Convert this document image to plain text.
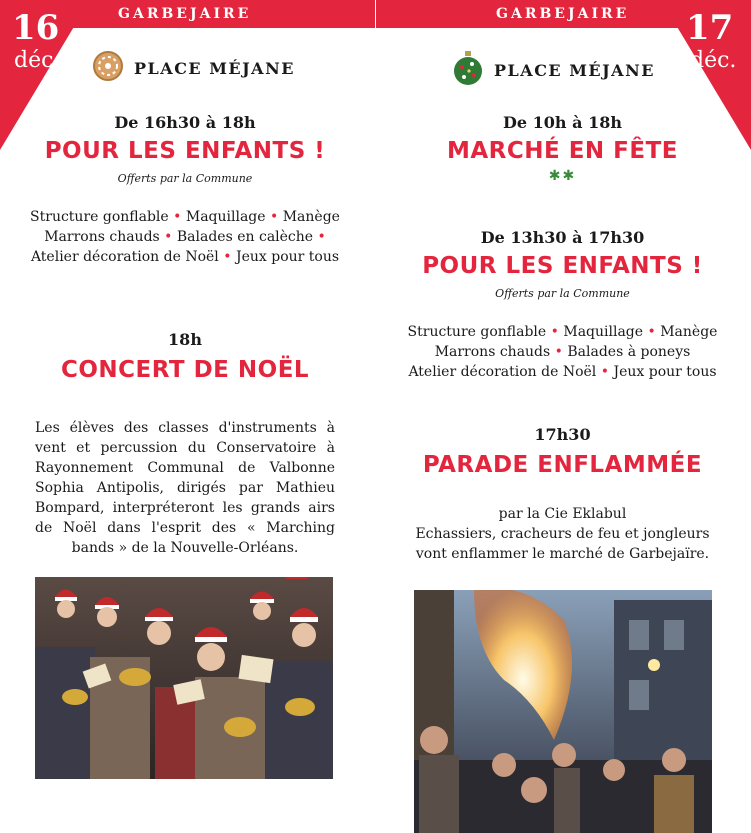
GARBEJAIRE	GARBEJAIRE
16
déc.
17
déc.
PLACE MÉJANE	PLACE MÉJANE
De 16h30 à 18h
POUR LES ENFANTS !
Offerts par la Commune
Structure gonflable • Maquillage • Manège
Marrons chauds • Balades en calèche •
Atelier décoration de Noël • Jeux pour tous
18h
CONCERT DE NOËL
Les élèves des classes d'instruments à vent et percussion du Conservatoire à Rayonnement Communal de Valbonne Sophia Antipolis, dirigés par Mathieu Bompard, interpréteront les grands airs de Noël dans l'esprit des « Marching bands » de la Nouvelle-Orléans.
De 10h à 18h
MARCHÉ EN FÊTE
✱✱
De 13h30 à 17h30
POUR LES ENFANTS !
Offerts par la Commune
Structure gonflable • Maquillage • Manège
Marrons chauds • Balades à poneys
Atelier décoration de Noël • Jeux pour tous
17h30
PARADE ENFLAMMÉE
par la Cie Eklabul
Echassiers, cracheurs de feu et jongleurs
vont enflammer le marché de Garbejaïre.
